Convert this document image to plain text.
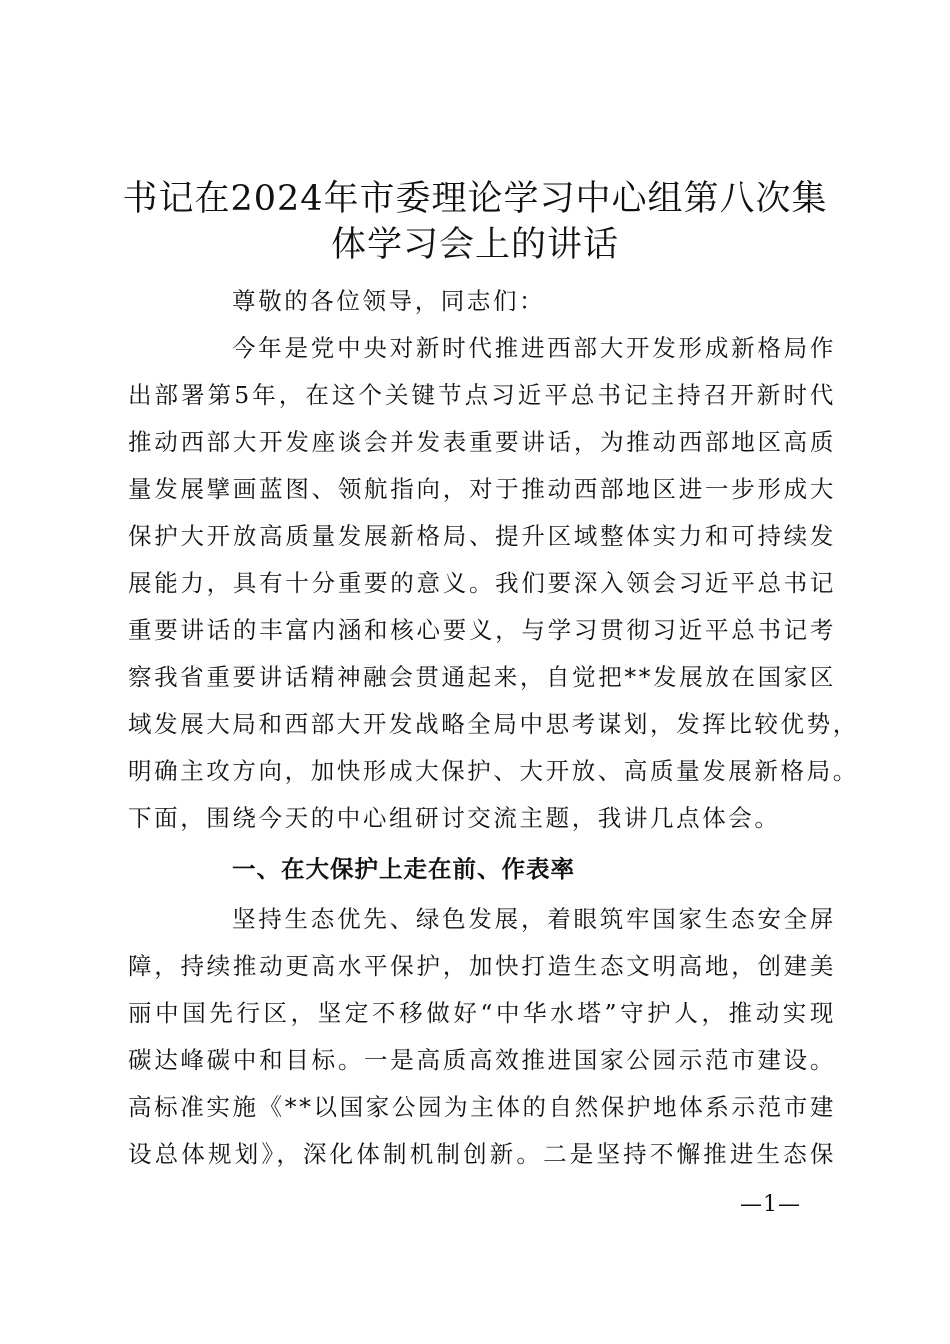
书记在2024年市委理论学习中心组第八次集
体学习会上的讲话
尊敬的各位领导，同志们：
今年是党中央对新时代推进西部大开发形成新格局作
出部署第5年，在这个关键节点习近平总书记主持召开新时代
推动西部大开发座谈会并发表重要讲话，为推动西部地区高质
量发展擘画蓝图、领航指向，对于推动西部地区进一步形成大
保护大开放高质量发展新格局、提升区域整体实力和可持续发
展能力，具有十分重要的意义。我们要深入领会习近平总书记
重要讲话的丰富内涵和核心要义，与学习贯彻习近平总书记考
察我省重要讲话精神融会贯通起来，自觉把**发展放在国家区
域发展大局和西部大开发战略全局中思考谋划，发挥比较优势，
明确主攻方向，加快形成大保护、大开放、高质量发展新格局。
下面，围绕今天的中心组研讨交流主题，我讲几点体会。
一、在大保护上走在前、作表率
坚持生态优先、绿色发展，着眼筑牢国家生态安全屏
障，持续推动更高水平保护，加快打造生态文明高地，创建美
丽中国先行区，坚定不移做好“中华水塔”守护人，推动实现
碳达峰碳中和目标。一是高质高效推进国家公园示范市建设。
高标准实施《**以国家公园为主体的自然保护地体系示范市建
设总体规划》，深化体制机制创新。二是坚持不懈推进生态保
—1—
